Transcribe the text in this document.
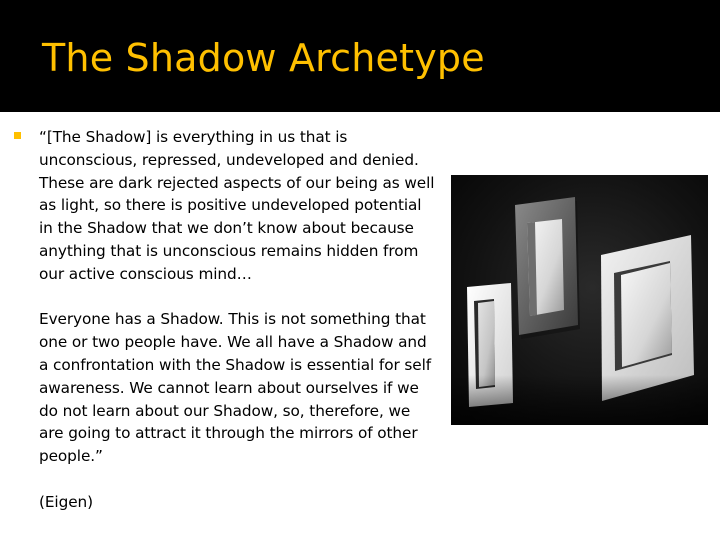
The Shadow Archetype

“[The Shadow] is everything in us that is unconscious, repressed, undeveloped and denied. These are dark rejected aspects of our being as well as light, so there is positive undeveloped potential in the Shadow that we don’t know about because anything that is unconscious remains hidden from our active conscious mind…

Everyone has a Shadow. This is not something that one or two people have. We all have a Shadow and a confrontation with the Shadow is essential for self awareness. We cannot learn about ourselves if we do not learn about our Shadow, so, therefore, we are going to attract it through the mirrors of other people.”

(Eigen)
